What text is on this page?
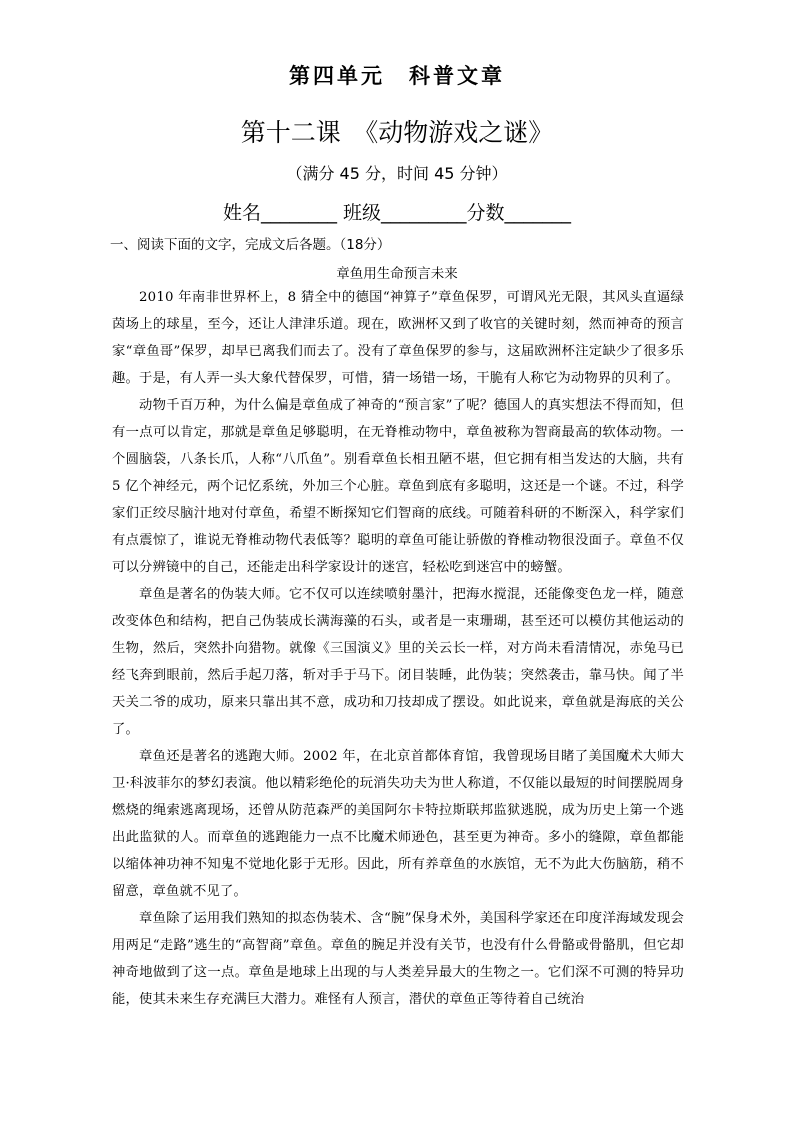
第四单元　科普文章
第十二课　《动物游戏之谜》
（满分 45 分，时间 45 分钟）
姓名________ 班级_________分数_______
一、阅读下面的文字，完成文后各题。（18分）
章鱼用生命预言未来

2010 年南非世界杯上，8 猜全中的德国“神算子”章鱼保罗，可谓风光无限，其风头直逼绿茵场上的球星，至今，还让人津津乐道。现在，欧洲杯又到了收官的关键时刻，然而神奇的预言家“章鱼哥”保罗，却早已离我们而去了。没有了章鱼保罗的参与，这届欧洲杯注定缺少了很多乐趣。于是，有人弄一头大象代替保罗，可惜，猜一场错一场，干脆有人称它为动物界的贝利了。

动物千百万种，为什么偏是章鱼成了神奇的“预言家”了呢？德国人的真实想法不得而知，但有一点可以肯定，那就是章鱼足够聪明，在无脊椎动物中，章鱼被称为智商最高的软体动物。一个圆脑袋，八条长爪，人称“八爪鱼”。别看章鱼长相丑陋不堪，但它拥有相当发达的大脑，共有 5 亿个神经元，两个记忆系统，外加三个心脏。章鱼到底有多聪明，这还是一个谜。不过，科学家们正绞尽脑汁地对付章鱼，希望不断探知它们智商的底线。可随着科研的不断深入，科学家们有点震惊了，谁说无脊椎动物代表低等？聪明的章鱼可能让骄傲的脊椎动物很没面子。章鱼不仅可以分辨镜中的自己，还能走出科学家设计的迷宫，轻松吃到迷宫中的螃蟹。

章鱼是著名的伪装大师。它不仅可以连续喷射墨汁，把海水搅混，还能像变色龙一样，随意改变体色和结构，把自己伪装成长满海藻的石头，或者是一束珊瑚，甚至还可以模仿其他运动的生物，然后，突然扑向猎物。就像《三国演义》里的关云长一样，对方尚未看清情况，赤兔马已经飞奔到眼前，然后手起刀落，斩对手于马下。闭目装睡，此伪装；突然袭击，靠马快。闻了半天关二爷的成功，原来只靠出其不意，成功和刀技却成了摆设。如此说来，章鱼就是海底的关公了。

章鱼还是著名的逃跑大师。2002 年，在北京首都体育馆，我曾现场目睹了美国魔术大师大卫·科波菲尔的梦幻表演。他以精彩绝伦的玩消失功夫为世人称道，不仅能以最短的时间摆脱周身燃烧的绳索逃离现场，还曾从防范森严的美国阿尔卡特拉斯联邦监狱逃脱，成为历史上第一个逃出此监狱的人。而章鱼的逃跑能力一点不比魔术师逊色，甚至更为神奇。多小的缝隙，章鱼都能以缩体神功神不知鬼不觉地化影于无形。因此，所有养章鱼的水族馆，无不为此大伤脑筋，稍不留意，章鱼就不见了。

章鱼除了运用我们熟知的拟态伪装术、含“腕”保身术外，美国科学家还在印度洋海域发现会用两足“走路”逃生的“高智商”章鱼。章鱼的腕足并没有关节，也没有什么骨骼或骨骼肌，但它却神奇地做到了这一点。章鱼是地球上出现的与人类差异最大的生物之一。它们深不可测的特异功能，使其未来生存充满巨大潜力。难怪有人预言，潜伏的章鱼正等待着自己统治
